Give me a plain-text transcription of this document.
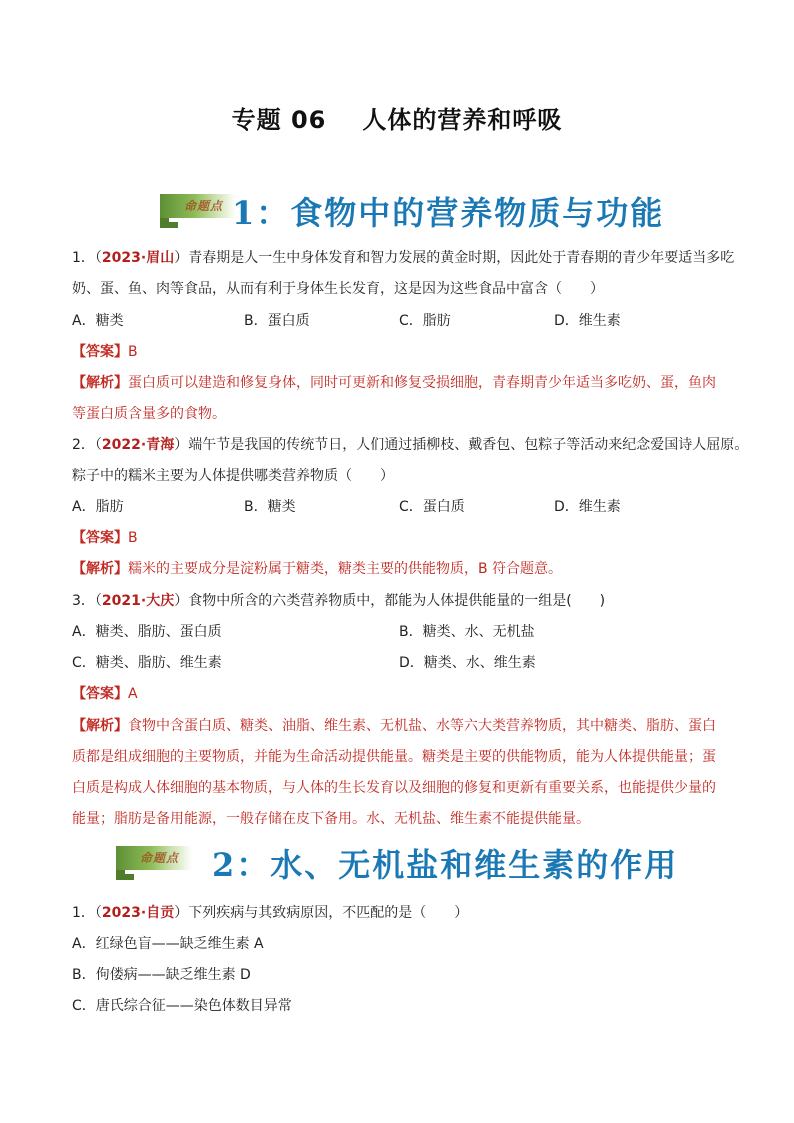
专题 06 人体的营养和呼吸
命题点 1：食物中的营养物质与功能
1．（2023·眉山）青春期是人一生中身体发育和智力发展的黄金时期，因此处于青春期的青少年要适当多吃
奶、蛋、鱼、肉等食品，从而有利于身体生长发育，这是因为这些食品中富含（　　）
A．糖类	B．蛋白质	C．脂肪	D．维生素
【答案】B
【解析】蛋白质可以建造和修复身体，同时可更新和修复受损细胞，青春期青少年适当多吃奶、蛋，鱼肉
等蛋白质含量多的食物。
2．（2022·青海）端午节是我国的传统节日，人们通过插柳枝、戴香包、包粽子等活动来纪念爱国诗人屈原。
粽子中的糯米主要为人体提供哪类营养物质（　　）
A．脂肪	B．糖类	C．蛋白质	D．维生素
【答案】B
【解析】糯米的主要成分是淀粉属于糖类，糖类主要的供能物质，B 符合题意。
3．（2021·大庆）食物中所含的六类营养物质中，都能为人体提供能量的一组是(　　)
A．糖类、脂肪、蛋白质	B．糖类、水、无机盐
C．糖类、脂肪、维生素	D．糖类、水、维生素
【答案】A
【解析】食物中含蛋白质、糖类、油脂、维生素、无机盐、水等六大类营养物质，其中糖类、脂肪、蛋白
质都是组成细胞的主要物质，并能为生命活动提供能量。糖类是主要的供能物质，能为人体提供能量；蛋
白质是构成人体细胞的基本物质，与人体的生长发育以及细胞的修复和更新有重要关系，也能提供少量的
能量；脂肪是备用能源，一般存储在皮下备用。水、无机盐、维生素不能提供能量。
命题点 2：水、无机盐和维生素的作用
1．（2023·自贡）下列疾病与其致病原因，不匹配的是（　　）
A．红绿色盲——缺乏维生素 A
B．佝偻病——缺乏维生素 D
C．唐氏综合征——染色体数目异常
